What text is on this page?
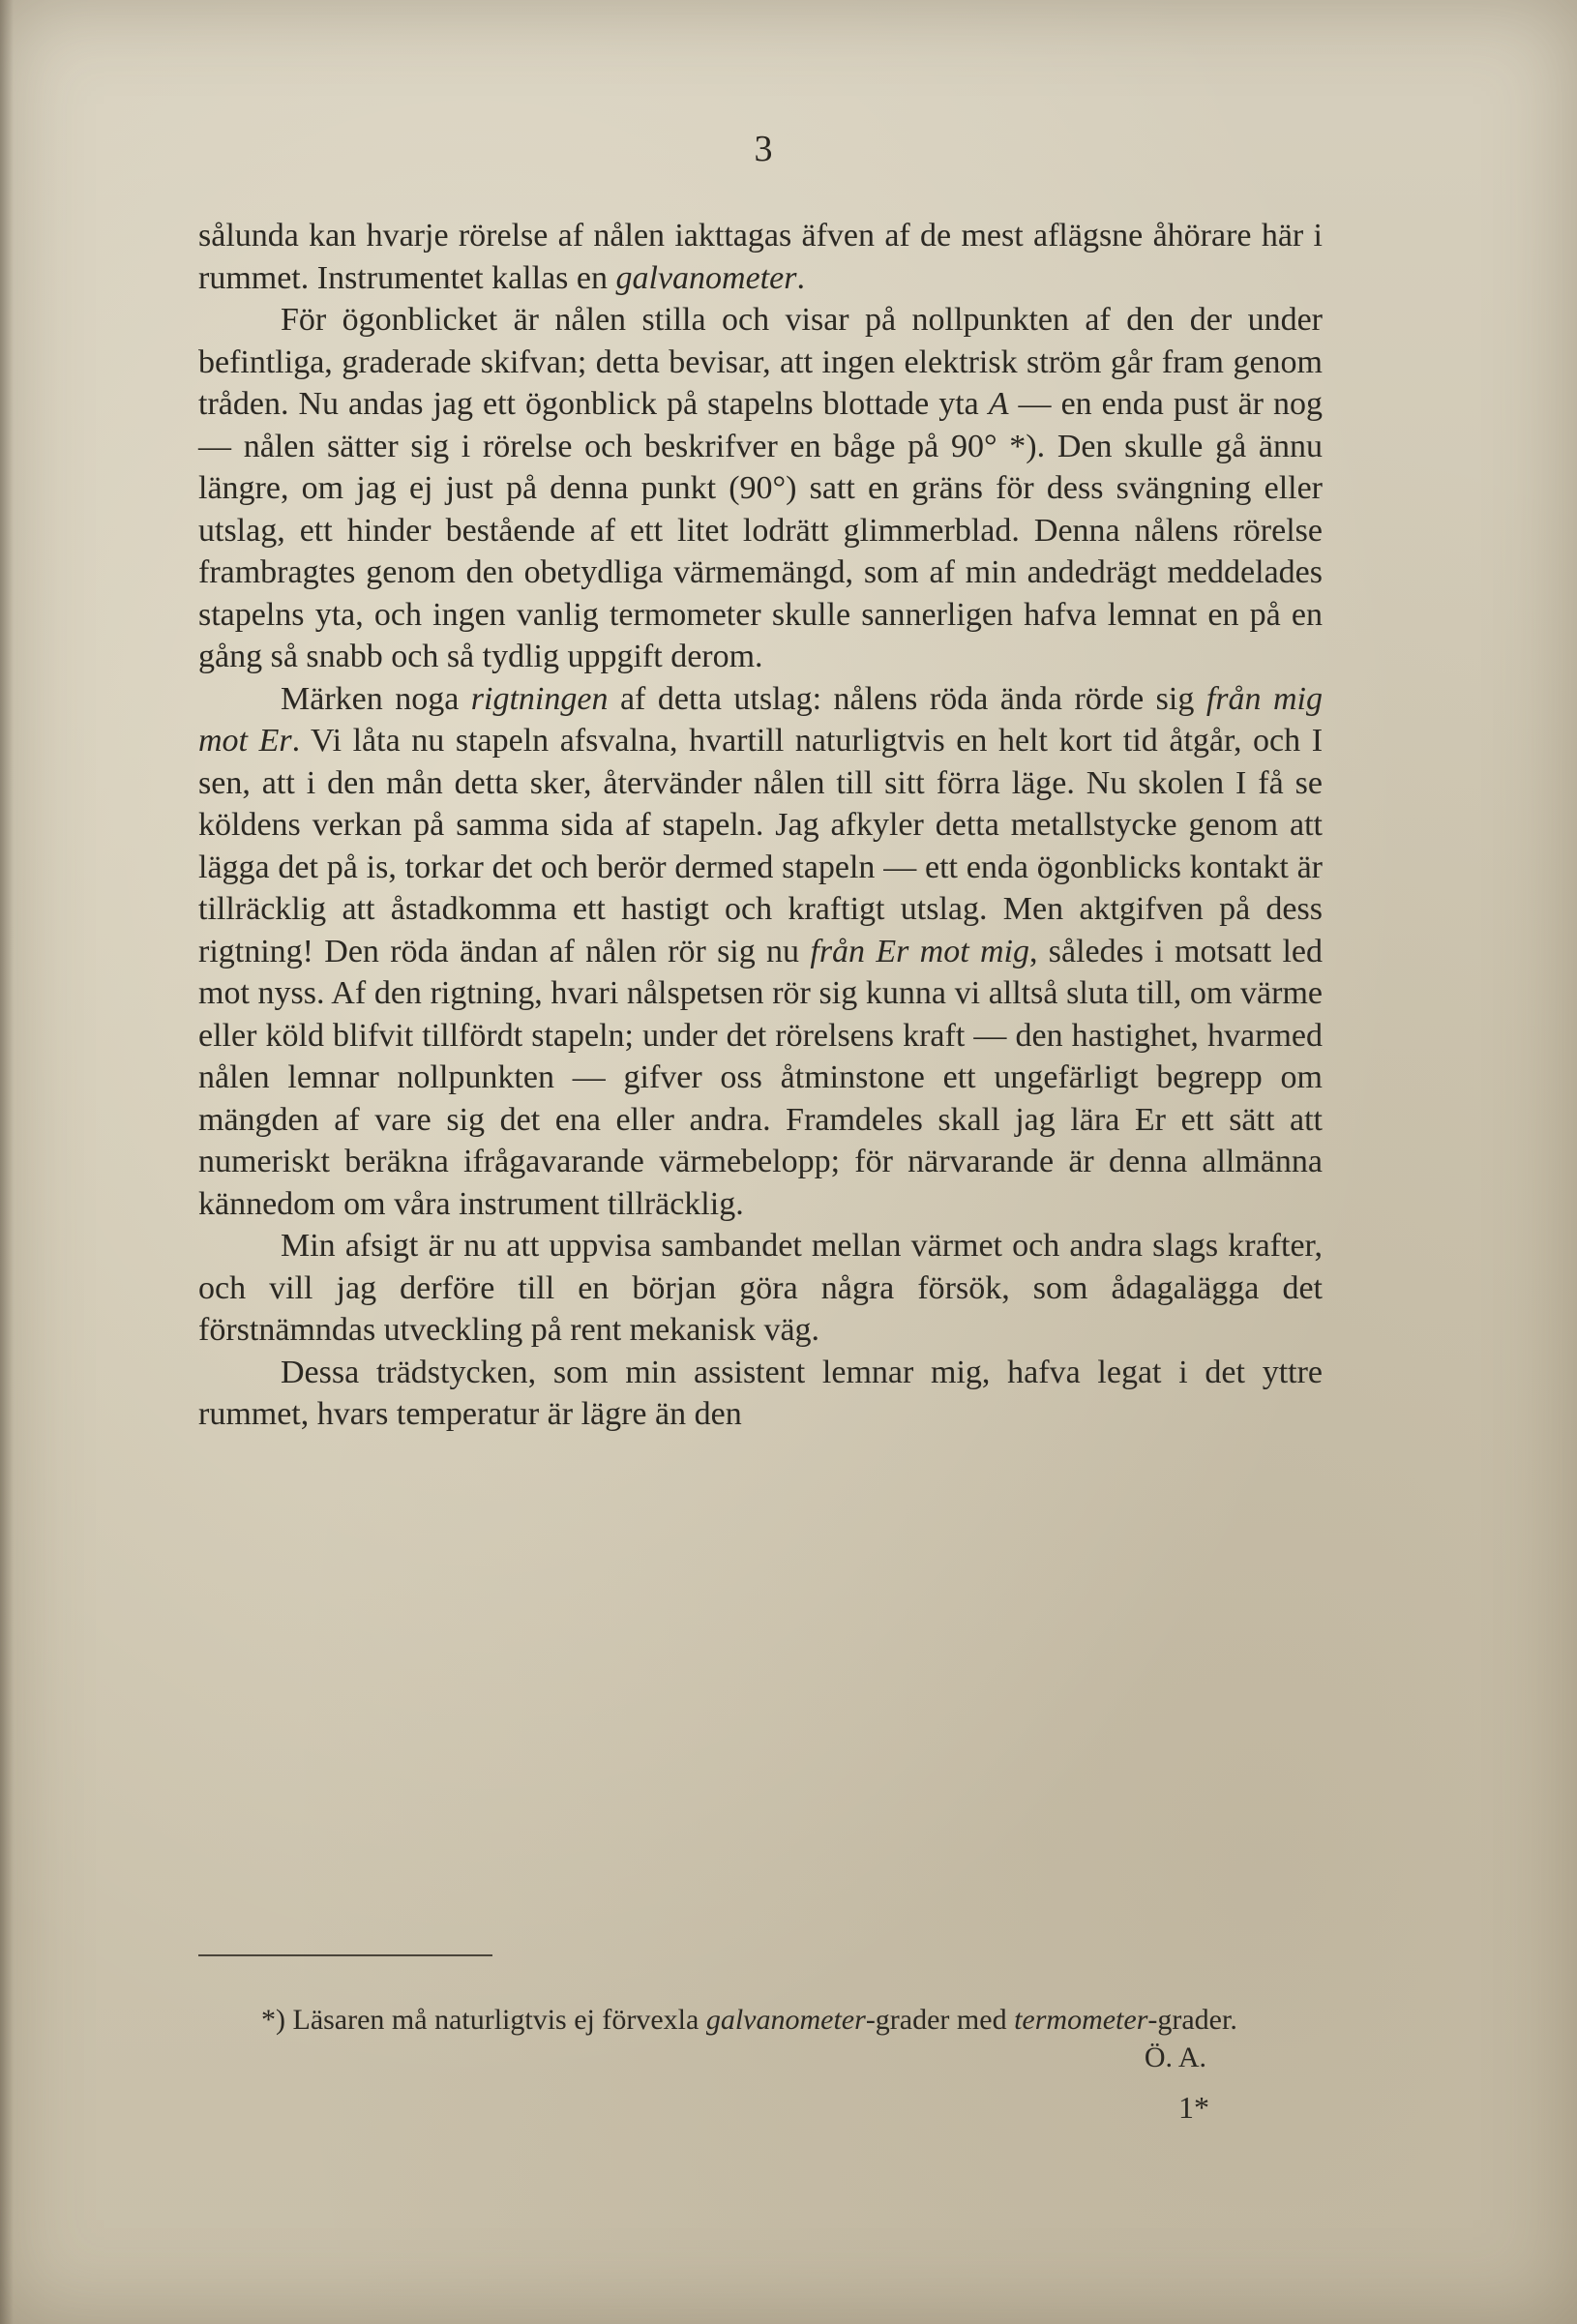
3

sålunda kan hvarje rörelse af nålen iakttagas äfven af de mest aflägsne åhörare här i rummet. Instrumentet kallas en galvanometer.

För ögonblicket är nålen stilla och visar på nollpunkten af den der under befintliga, graderade skifvan; detta bevisar, att ingen elektrisk ström går fram genom tråden. Nu andas jag ett ögonblick på stapelns blottade yta A — en enda pust är nog — nålen sätter sig i rörelse och beskrifver en båge på 90° *). Den skulle gå ännu längre, om jag ej just på denna punkt (90°) satt en gräns för dess svängning eller utslag, ett hinder bestående af ett litet lodrätt glimmerblad. Denna nålens rörelse frambragtes genom den obetydliga värmemängd, som af min andedrägt meddelades stapelns yta, och ingen vanlig termometer skulle sannerligen hafva lemnat en på en gång så snabb och så tydlig uppgift derom.

Märken noga rigtningen af detta utslag: nålens röda ända rörde sig från mig mot Er. Vi låta nu stapeln afsvalna, hvartill naturligtvis en helt kort tid åtgår, och I sen, att i den mån detta sker, återvänder nålen till sitt förra läge. Nu skolen I få se köldens verkan på samma sida af stapeln. Jag afkyler detta metallstycke genom att lägga det på is, torkar det och berör dermed stapeln — ett enda ögonblicks kontakt är tillräcklig att åstadkomma ett hastigt och kraftigt utslag. Men aktgifven på dess rigtning! Den röda ändan af nålen rör sig nu från Er mot mig, således i motsatt led mot nyss. Af den rigtning, hvari nålspetsen rör sig kunna vi alltså sluta till, om värme eller köld blifvit tillfördt stapeln; under det rörelsens kraft — den hastighet, hvarmed nålen lemnar nollpunkten — gifver oss åtminstone ett ungefärligt begrepp om mängden af vare sig det ena eller andra. Framdeles skall jag lära Er ett sätt att numeriskt beräkna ifrågavarande värmebelopp; för närvarande är denna allmänna kännedom om våra instrument tillräcklig.

Min afsigt är nu att uppvisa sambandet mellan värmet och andra slags krafter, och vill jag derföre till en början göra några försök, som ådagalägga det förstnämndas utveckling på rent mekanisk väg.

Dessa trädstycken, som min assistent lemnar mig, hafva legat i det yttre rummet, hvars temperatur är lägre än den

*) Läsaren må naturligtvis ej förvexla galvanometer-grader med termometer-grader.
Ö. A.

1*
